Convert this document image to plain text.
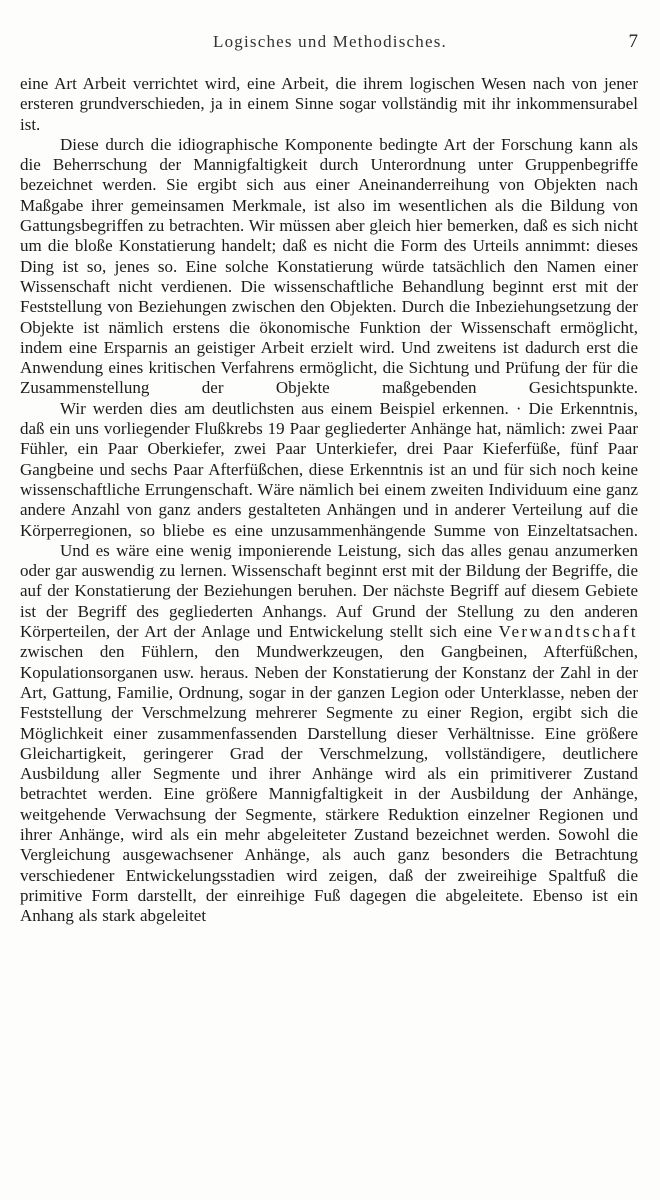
Logisches und Methodisches.	7

eine Art Arbeit verrichtet wird, eine Arbeit, die ihrem logischen Wesen nach von jener ersteren grundverschieden, ja in einem Sinne sogar vollständig mit ihr inkommensurabel ist.

Diese durch die idiographische Komponente bedingte Art der Forschung kann als die Beherrschung der Mannigfaltigkeit durch Unterordnung unter Gruppenbegriffe bezeichnet werden. Sie ergibt sich aus einer Aneinanderreihung von Objekten nach Maßgabe ihrer gemeinsamen Merkmale, ist also im wesentlichen als die Bildung von Gattungsbegriffen zu betrachten. Wir müssen aber gleich hier bemerken, daß es sich nicht um die bloße Konstatierung handelt; daß es nicht die Form des Urteils annimmt: dieses Ding ist so, jenes so. Eine solche Konstatierung würde tatsächlich den Namen einer Wissenschaft nicht verdienen. Die wissenschaftliche Behandlung beginnt erst mit der Feststellung von Beziehungen zwischen den Objekten. Durch die Inbeziehungsetzung der Objekte ist nämlich erstens die ökonomische Funktion der Wissenschaft ermöglicht, indem eine Ersparnis an geistiger Arbeit erzielt wird. Und zweitens ist dadurch erst die Anwendung eines kritischen Verfahrens ermöglicht, die Sichtung und Prüfung der für die Zusammenstellung der Objekte maßgebenden Gesichtspunkte.

Wir werden dies am deutlichsten aus einem Beispiel erkennen. · Die Erkenntnis, daß ein uns vorliegender Flußkrebs 19 Paar gegliederter Anhänge hat, nämlich: zwei Paar Fühler, ein Paar Oberkiefer, zwei Paar Unterkiefer, drei Paar Kieferfüße, fünf Paar Gangbeine und sechs Paar Afterfüßchen, diese Erkenntnis ist an und für sich noch keine wissenschaftliche Errungenschaft. Wäre nämlich bei einem zweiten Individuum eine ganz andere Anzahl von ganz anders gestalteten Anhängen und in anderer Verteilung auf die Körperregionen, so bliebe es eine unzusammenhängende Summe von Einzeltatsachen.

Und es wäre eine wenig imponierende Leistung, sich das alles genau anzumerken oder gar auswendig zu lernen. Wissenschaft beginnt erst mit der Bildung der Begriffe, die auf der Konstatierung der Beziehungen beruhen. Der nächste Begriff auf diesem Gebiete ist der Begriff des gegliederten Anhangs. Auf Grund der Stellung zu den anderen Körperteilen, der Art der Anlage und Entwickelung stellt sich eine Verwandtschaft zwischen den Fühlern, den Mundwerkzeugen, den Gangbeinen, Afterfüßchen, Kopulationsorganen usw. heraus. Neben der Konstatierung der Konstanz der Zahl in der Art, Gattung, Familie, Ordnung, sogar in der ganzen Legion oder Unterklasse, neben der Feststellung der Verschmelzung mehrerer Segmente zu einer Region, ergibt sich die Möglichkeit einer zusammenfassenden Darstellung dieser Verhältnisse. Eine größere Gleichartigkeit, geringerer Grad der Verschmelzung, vollständigere, deutlichere Ausbildung aller Segmente und ihrer Anhänge wird als ein primitiverer Zustand betrachtet werden. Eine größere Mannigfaltigkeit in der Ausbildung der Anhänge, weitgehende Verwachsung der Segmente, stärkere Reduktion einzelner Regionen und ihrer Anhänge, wird als ein mehr abgeleiteter Zustand bezeichnet werden. Sowohl die Vergleichung ausgewachsener Anhänge, als auch ganz besonders die Betrachtung verschiedener Entwickelungsstadien wird zeigen, daß der zweireihige Spaltfuß die primitive Form darstellt, der einreihige Fuß dagegen die abgeleitete. Ebenso ist ein Anhang als stark abgeleitet
